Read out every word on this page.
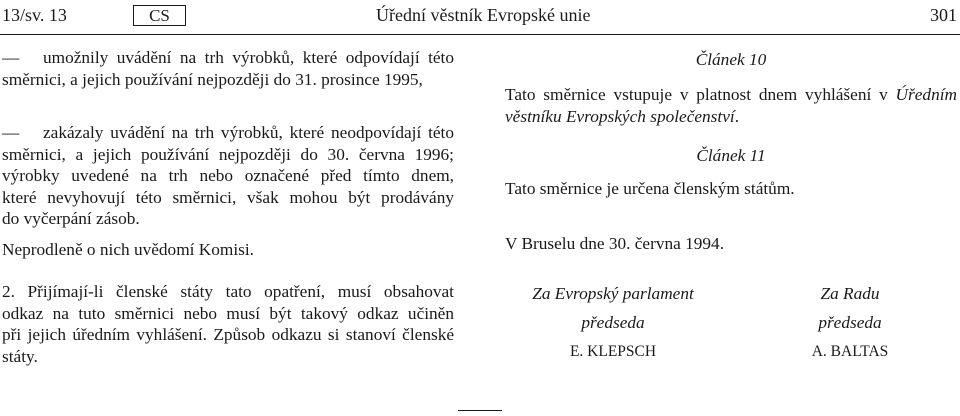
13/sv. 13	CS	Úřední věstník Evropské unie	301
— umožnily uvádění na trh výrobků, které odpovídají této
směrnici, a jejich používání nejpozději do 31. prosince 1995,
— zakázaly uvádění na trh výrobků, které neodpovídají této
směrnici, a jejich používání nejpozději do 30. června 1996;
výrobky uvedené na trh nebo označené před tímto dnem,
které nevyhovují této směrnici, však mohou být prodávány
do vyčerpání zásob.
Neprodleně o nich uvědomí Komisi.
2. Přijímají-li členské státy tato opatření, musí obsahovat
odkaz na tuto směrnici nebo musí být takový odkaz učiněn
při jejich úředním vyhlášení. Způsob odkazu si stanoví členské
státy.
Článek 10
Tato směrnice vstupuje v platnost dnem vyhlášení v Úředním
věstníku Evropských společenství.
Článek 11
Tato směrnice je určena členským státům.
V Bruselu dne 30. června 1994.
Za Evropský parlament
předseda
E. KLEPSCH
Za Radu
předseda
A. BALTAS
